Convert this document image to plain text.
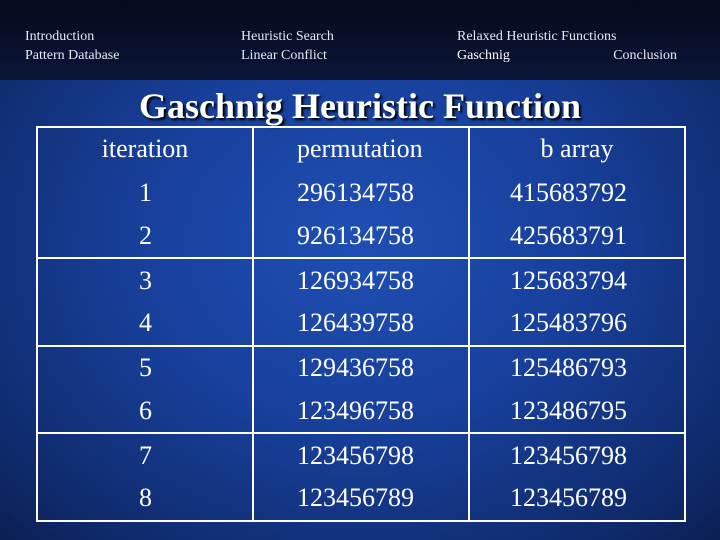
Introduction
Pattern Database
Heuristic Search
Linear Conflict
Relaxed Heuristic Functions
Gaschnig	Conclusion
Gaschnig Heuristic Function
iteration	permutation	b array
1	296134758	415683792
2	926134758	425683791
3	126934758	125683794
4	126439758	125483796
5	129436758	125486793
6	123496758	123486795
7	123456798	123456798
8	123456789	123456789
